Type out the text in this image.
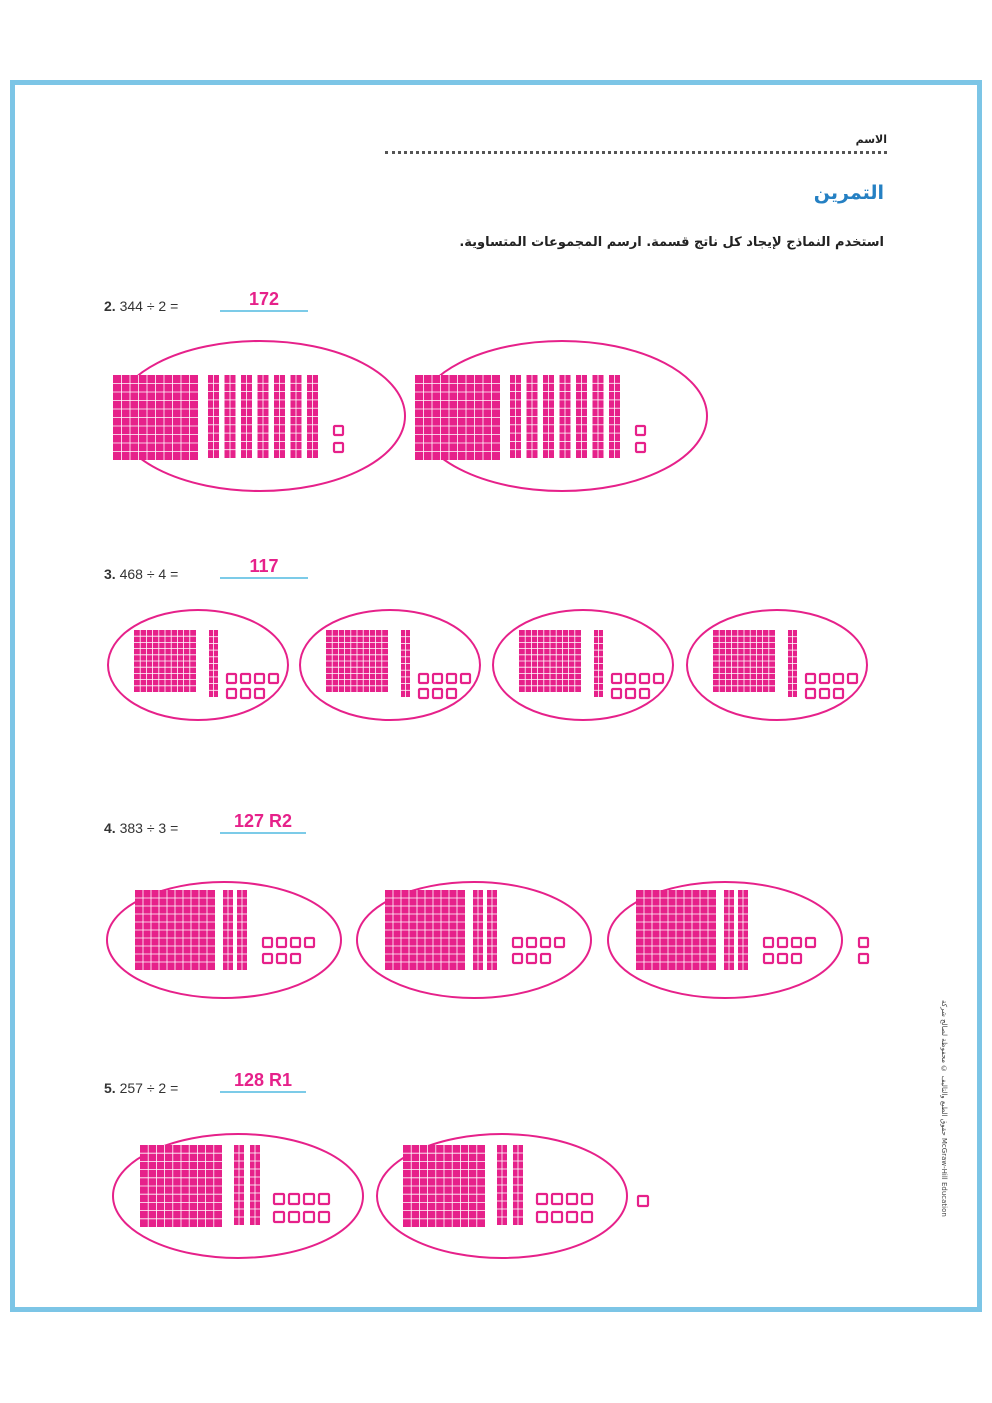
الاسم
التمرين
استخدم النماذج لإيجاد كل ناتج قسمة. ارسم المجموعات المتساوية.
2. 344 ÷ 2 =	172
3. 468 ÷ 4 =	117
4. 383 ÷ 3 =	127 R2
5. 257 ÷ 2 =	128 R1	حقوق الطبع والتأليف © محفوظة لصالح شركة McGraw-Hill Education
